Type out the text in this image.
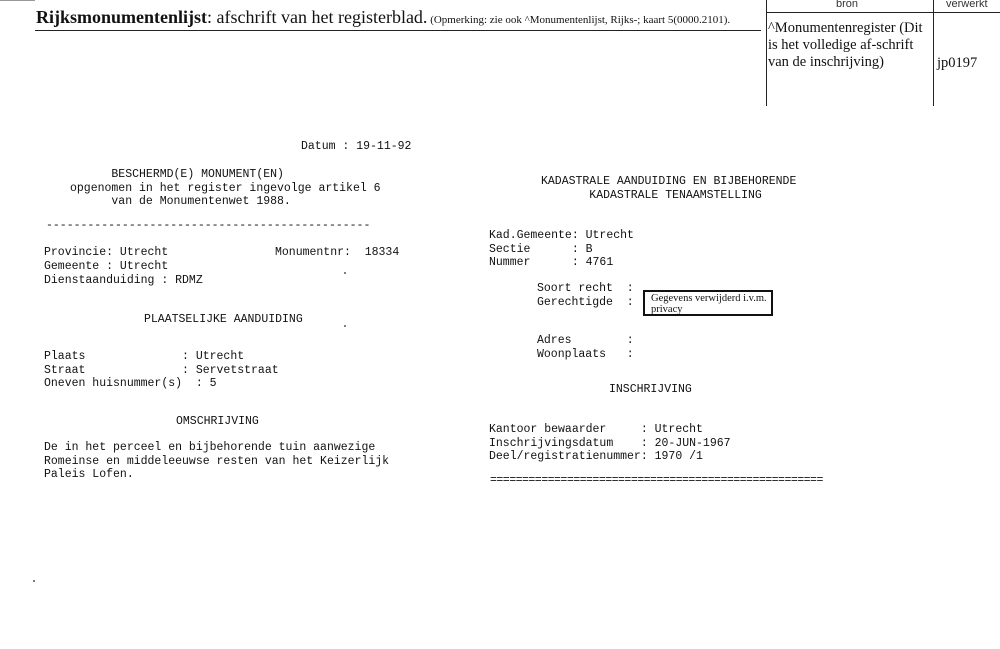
Rijksmonumentenlijst: afschrift van het registerblad. (Opmerking: zie ook ^Monumentenlijst, Rijks-; kaart 5(0000.2101).
bron	verwerkt
^Monumentenregister (Dit is het volledige af-schrift van de inschrijving)	jp0197
Datum : 19-11-92
BESCHERMD(E) MONUMENT(EN)
opgenomen in het register ingevolge artikel 6
van de Monumentenwet 1988.
-----------------------------------------------
Provincie: Utrecht	Monumentnr:  18334
Gemeente : Utrecht
Dienstaanduiding : RDMZ
PLAATSELIJKE AANDUIDING
Plaats              : Utrecht
Straat              : Servetstraat
Oneven huisnummer(s)  : 5
OMSCHRIJVING
De in het perceel en bijbehorende tuin aanwezige
Romeinse en middeleeuwse resten van het Keizerlijk
Paleis Lofen.
KADASTRALE AANDUIDING EN BIJBEHORENDE
KADASTRALE TENAAMSTELLING
Kad.Gemeente: Utrecht
Sectie      : B
Nummer      : 4761
Soort recht  :
Gerechtigde  :	Gegevens verwijderd i.v.m. privacy
Adres        :
Woonplaats   :
INSCHRIJVING
Kantoor bewaarder     : Utrecht
Inschrijvingsdatum    : 20-JUN-1967
Deel/registratienummer: 1970 /1
====================================================
